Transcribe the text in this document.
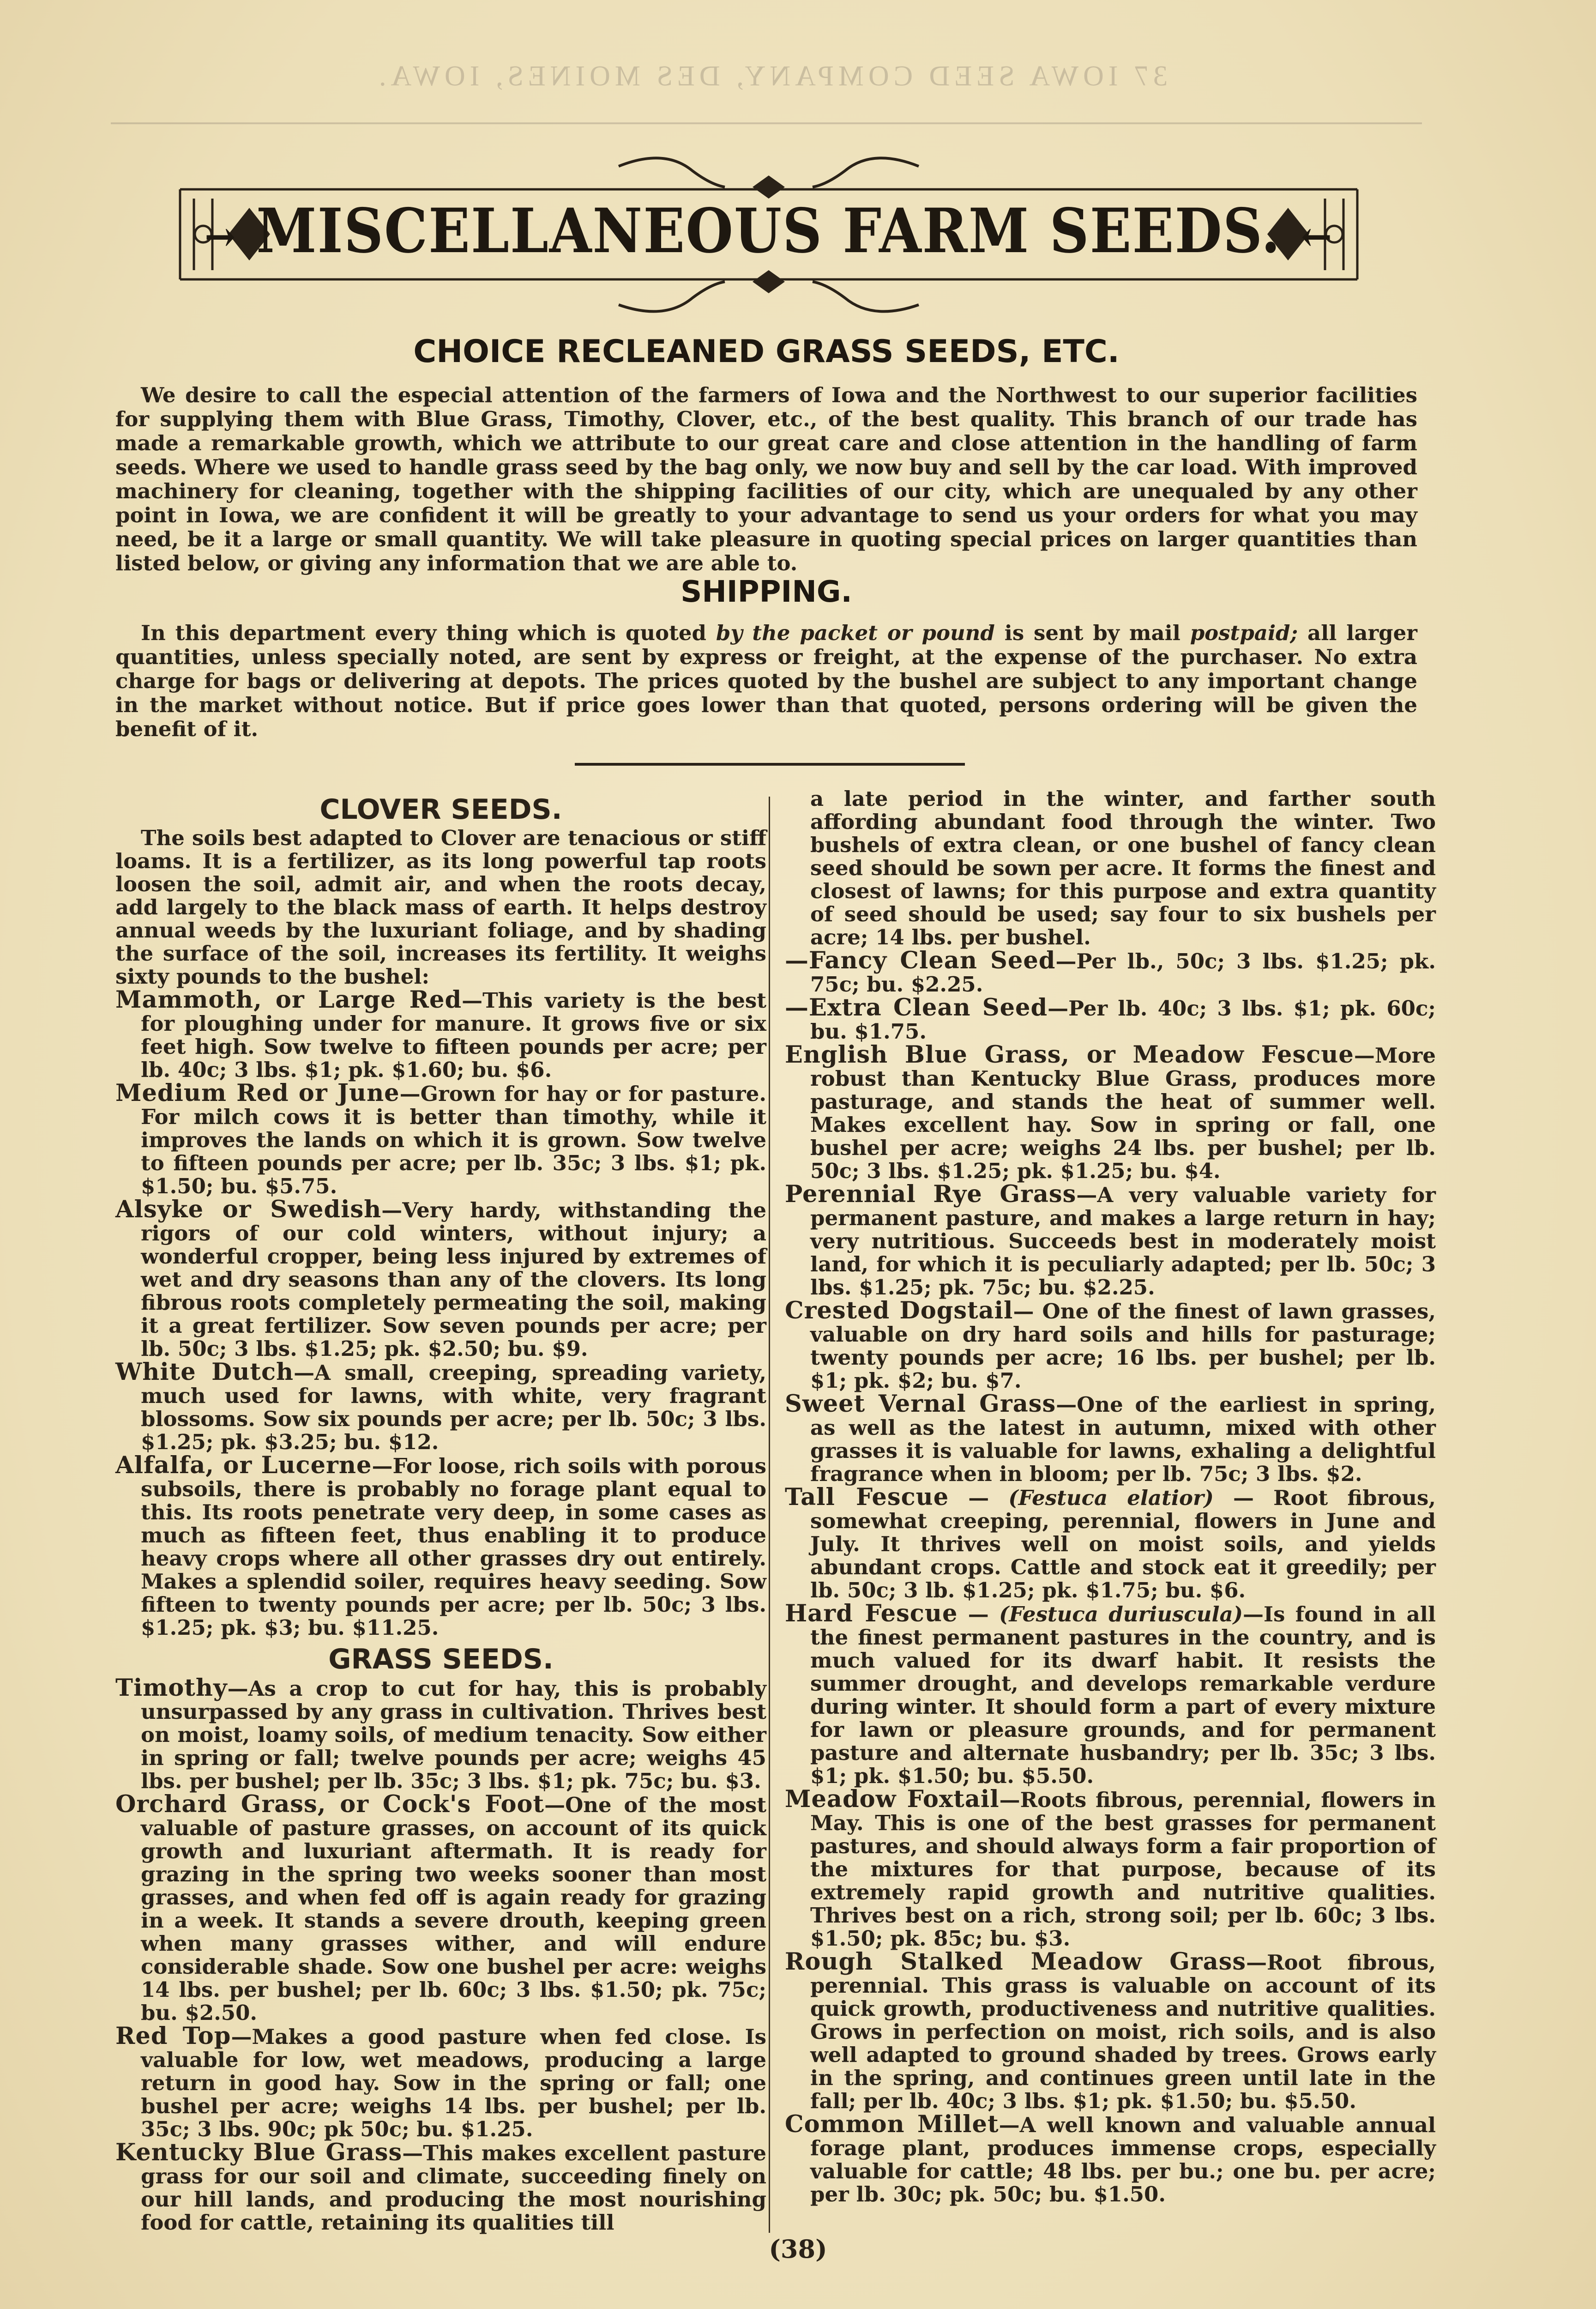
37 IOWA SEED COMPANY, DES MOINES, IOWA.
→ MISCELLANEOUS FARM SEEDS. ←
CHOICE RECLEANED GRASS SEEDS, ETC.
We desire to call the especial attention of the farmers of Iowa and the Northwest to our superior facilities for supplying them with Blue Grass, Timothy, Clover, etc., of the best quality. This branch of our trade has made a remarkable growth, which we attribute to our great care and close attention in the handling of farm seeds. Where we used to handle grass seed by the bag only, we now buy and sell by the car load. With improved machinery for cleaning, together with the shipping facilities of our city, which are unequaled by any other point in Iowa, we are confident it will be greatly to your advantage to send us your orders for what you may need, be it a large or small quantity. We will take pleasure in quoting special prices on larger quantities than listed below, or giving any information that we are able to.
SHIPPING.
In this department every thing which is quoted by the packet or pound is sent by mail postpaid; all larger quantities, unless specially noted, are sent by express or freight, at the expense of the purchaser. No extra charge for bags or delivering at depots. The prices quoted by the bushel are subject to any important change in the market without notice. But if price goes lower than that quoted, persons ordering will be given the benefit of it.

CLOVER SEEDS.

The soils best adapted to Clover are tenacious or stiff loams. It is a fertilizer, as its long powerful tap roots loosen the soil, admit air, and when the roots decay, add largely to the black mass of earth. It helps destroy annual weeds by the luxuriant foliage, and by shading the surface of the soil, increases its fertility. It weighs sixty pounds to the bushel:

Mammoth, or Large Red—This variety is the best for ploughing under for manure. It grows five or six feet high. Sow twelve to fifteen pounds per acre; per lb. 40c; 3 lbs. $1; pk. $1.60; bu. $6.

Medium Red or June—Grown for hay or for pasture. For milch cows it is better than timothy, while it improves the lands on which it is grown. Sow twelve to fifteen pounds per acre; per lb. 35c; 3 lbs. $1; pk. $1.50; bu. $5.75.

Alsyke or Swedish—Very hardy, withstanding the rigors of our cold winters, without injury; a wonderful cropper, being less injured by extremes of wet and dry seasons than any of the clovers. Its long fibrous roots completely permeating the soil, making it a great fertilizer. Sow seven pounds per acre; per lb. 50c; 3 lbs. $1.25; pk. $2.50; bu. $9.

White Dutch—A small, creeping, spreading variety, much used for lawns, with white, very fragrant blossoms. Sow six pounds per acre; per lb. 50c; 3 lbs. $1.25; pk. $3.25; bu. $12.

Alfalfa, or Lucerne—For loose, rich soils with porous subsoils, there is probably no forage plant equal to this. Its roots penetrate very deep, in some cases as much as fifteen feet, thus enabling it to produce heavy crops where all other grasses dry out entirely. Makes a splendid soiler, requires heavy seeding. Sow fifteen to twenty pounds per acre; per lb. 50c; 3 lbs. $1.25; pk. $3; bu. $11.25.

GRASS SEEDS.

Timothy—As a crop to cut for hay, this is probably unsurpassed by any grass in cultivation. Thrives best on moist, loamy soils, of medium tenacity. Sow either in spring or fall; twelve pounds per acre; weighs 45 lbs. per bushel; per lb. 35c; 3 lbs. $1; pk. 75c; bu. $3.

Orchard Grass, or Cock's Foot—One of the most valuable of pasture grasses, on account of its quick growth and luxuriant aftermath. It is ready for grazing in the spring two weeks sooner than most grasses, and when fed off is again ready for grazing in a week. It stands a severe drouth, keeping green when many grasses wither, and will endure considerable shade. Sow one bushel per acre: weighs 14 lbs. per bushel; per lb. 60c; 3 lbs. $1.50; pk. 75c; bu. $2.50.

Red Top—Makes a good pasture when fed close. Is valuable for low, wet meadows, producing a large return in good hay. Sow in the spring or fall; one bushel per acre; weighs 14 lbs. per bushel; per lb. 35c; 3 lbs. 90c; pk 50c; bu. $1.25.

Kentucky Blue Grass—This makes excellent pasture grass for our soil and climate, succeeding finely on our hill lands, and producing the most nourishing food for cattle, retaining its qualities till

a late period in the winter, and farther south affording abundant food through the winter. Two bushels of extra clean, or one bushel of fancy clean seed should be sown per acre. It forms the finest and closest of lawns; for this purpose and extra quantity of seed should be used; say four to six bushels per acre; 14 lbs. per bushel.

—Fancy Clean Seed—Per lb., 50c; 3 lbs. $1.25; pk. 75c; bu. $2.25.

—Extra Clean Seed—Per lb. 40c; 3 lbs. $1; pk. 60c; bu. $1.75.

English Blue Grass, or Meadow Fescue—More robust than Kentucky Blue Grass, produces more pasturage, and stands the heat of summer well. Makes excellent hay. Sow in spring or fall, one bushel per acre; weighs 24 lbs. per bushel; per lb. 50c; 3 lbs. $1.25; pk. $1.25; bu. $4.

Perennial Rye Grass—A very valuable variety for permanent pasture, and makes a large return in hay; very nutritious. Succeeds best in moderately moist land, for which it is peculiarly adapted; per lb. 50c; 3 lbs. $1.25; pk. 75c; bu. $2.25.

Crested Dogstail— One of the finest of lawn grasses, valuable on dry hard soils and hills for pasturage; twenty pounds per acre; 16 lbs. per bushel; per lb. $1; pk. $2; bu. $7.

Sweet Vernal Grass—One of the earliest in spring, as well as the latest in autumn, mixed with other grasses it is valuable for lawns, exhaling a delightful fragrance when in bloom; per lb. 75c; 3 lbs. $2.

Tall Fescue — (Festuca elatior) — Root fibrous, somewhat creeping, perennial, flowers in June and July. It thrives well on moist soils, and yields abundant crops. Cattle and stock eat it greedily; per lb. 50c; 3 lb. $1.25; pk. $1.75; bu. $6.

Hard Fescue — (Festuca duriuscula)—Is found in all the finest permanent pastures in the country, and is much valued for its dwarf habit. It resists the summer drought, and develops remarkable verdure during winter. It should form a part of every mixture for lawn or pleasure grounds, and for permanent pasture and alternate husbandry; per lb. 35c; 3 lbs. $1; pk. $1.50; bu. $5.50.

Meadow Foxtail—Roots fibrous, perennial, flowers in May. This is one of the best grasses for permanent pastures, and should always form a fair proportion of the mixtures for that purpose, because of its extremely rapid growth and nutritive qualities. Thrives best on a rich, strong soil; per lb. 60c; 3 lbs. $1.50; pk. 85c; bu. $3.

Rough Stalked Meadow Grass—Root fibrous, perennial. This grass is valuable on account of its quick growth, productiveness and nutritive qualities. Grows in perfection on moist, rich soils, and is also well adapted to ground shaded by trees. Grows early in the spring, and continues green until late in the fall; per lb. 40c; 3 lbs. $1; pk. $1.50; bu. $5.50.

Common Millet—A well known and valuable annual forage plant, produces immense crops, especially valuable for cattle; 48 lbs. per bu.; one bu. per acre; per lb. 30c; pk. 50c; bu. $1.50.

(38)
